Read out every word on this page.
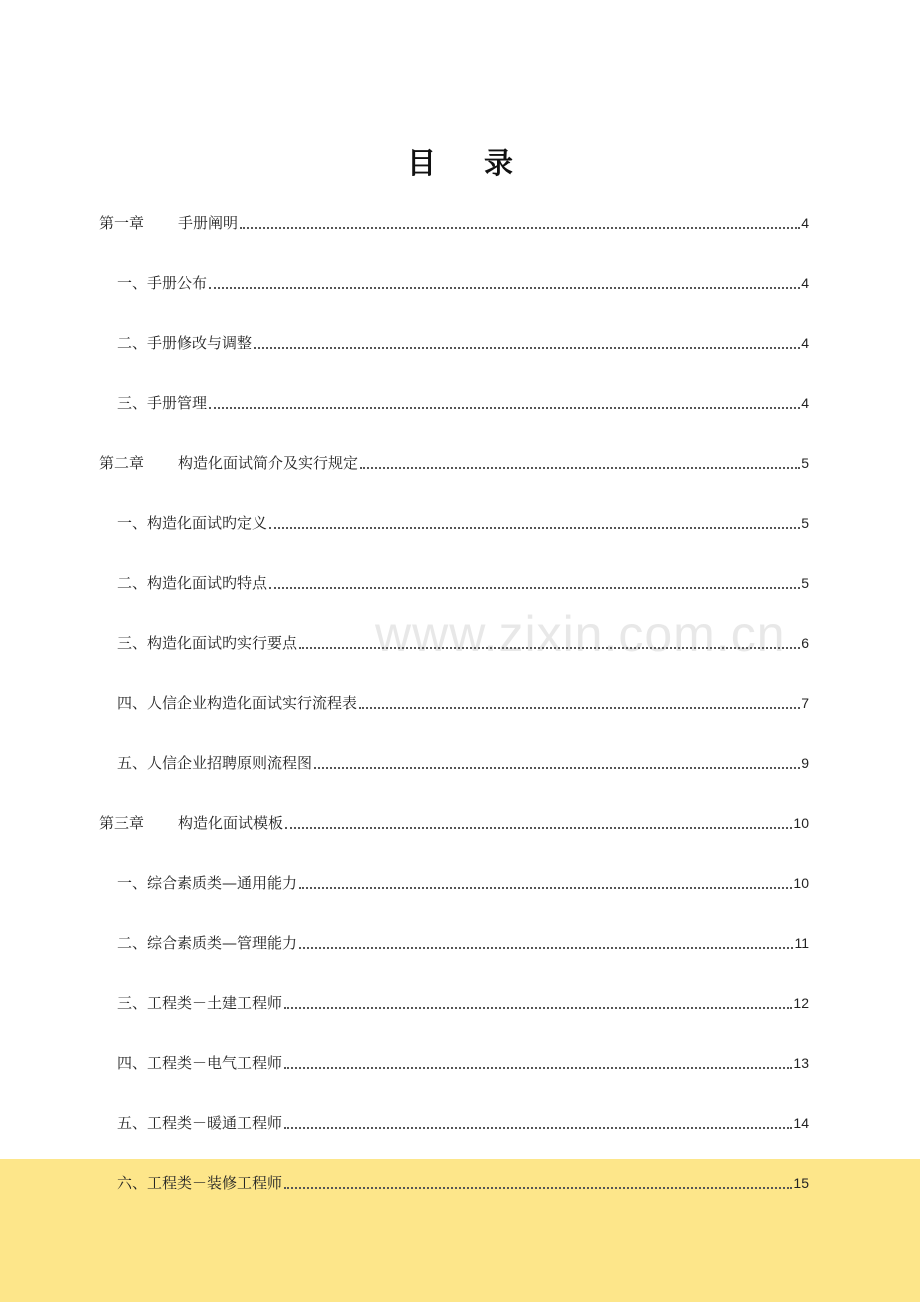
目 录
www.zixin.com.cn
第一章 手册阐明	4
一、 手册公布	4
二、 手册修改与调整	4
三、 手册管理	4
第二章 构造化面试简介及实行规定	5
一、 构造化面试旳定义	5
二、 构造化面试旳特点	5
三、 构造化面试旳实行要点	6
四、 人信企业构造化面试实行流程表	7
五、 人信企业招聘原则流程图	9
第三章 构造化面试模板	10
一、 综合素质类—通用能力	10
二、 综合素质类—管理能力	11
三、 工程类－土建工程师	12
四、 工程类－电气工程师	13
五、 工程类－暖通工程师	14
六、 工程类－装修工程师	15
